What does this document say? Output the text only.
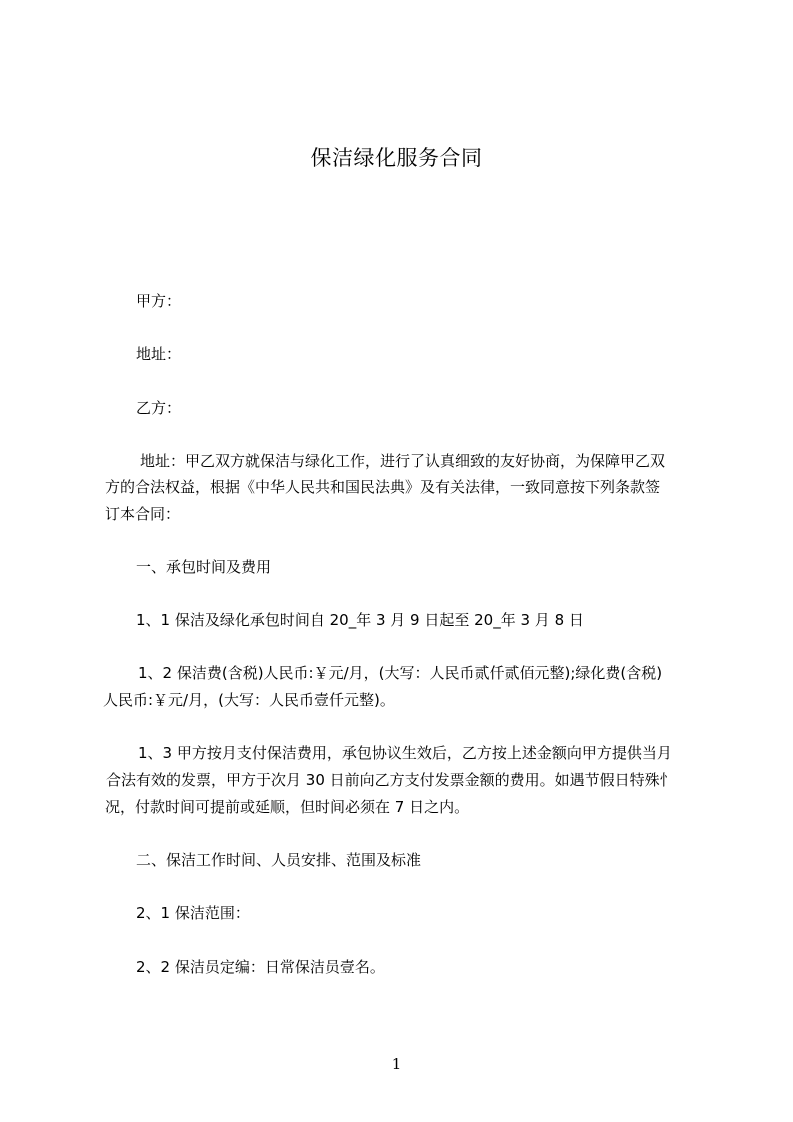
保洁绿化服务合同
甲方：
地址：
乙方：
地址：甲乙双方就保洁与绿化工作，进行了认真细致的友好协商，为保障甲乙双
方的合法权益，根据《中华人民共和国民法典》及有关法律，一致同意按下列条款签
订本合同：
一、承包时间及费用
1、1 保洁及绿化承包时间自 20_年 3 月 9 日起至 20_年 3 月 8 日
1、2 保洁费(含税)人民币:￥元/月，(大写：人民币贰仟贰佰元整);绿化费(含税)
人民币:￥元/月，(大写：人民币壹仟元整)。
1、3 甲方按月支付保洁费用，承包协议生效后，乙方按上述金额向甲方提供当月
合法有效的发票，甲方于次月 30 日前向乙方支付发票金额的费用。如遇节假日特殊忄
况，付款时间可提前或延顺，但时间必须在 7 日之内。
二、保洁工作时间、人员安排、范围及标准
2、1 保洁范围：
2、2 保洁员定编：日常保洁员壹名。
1
